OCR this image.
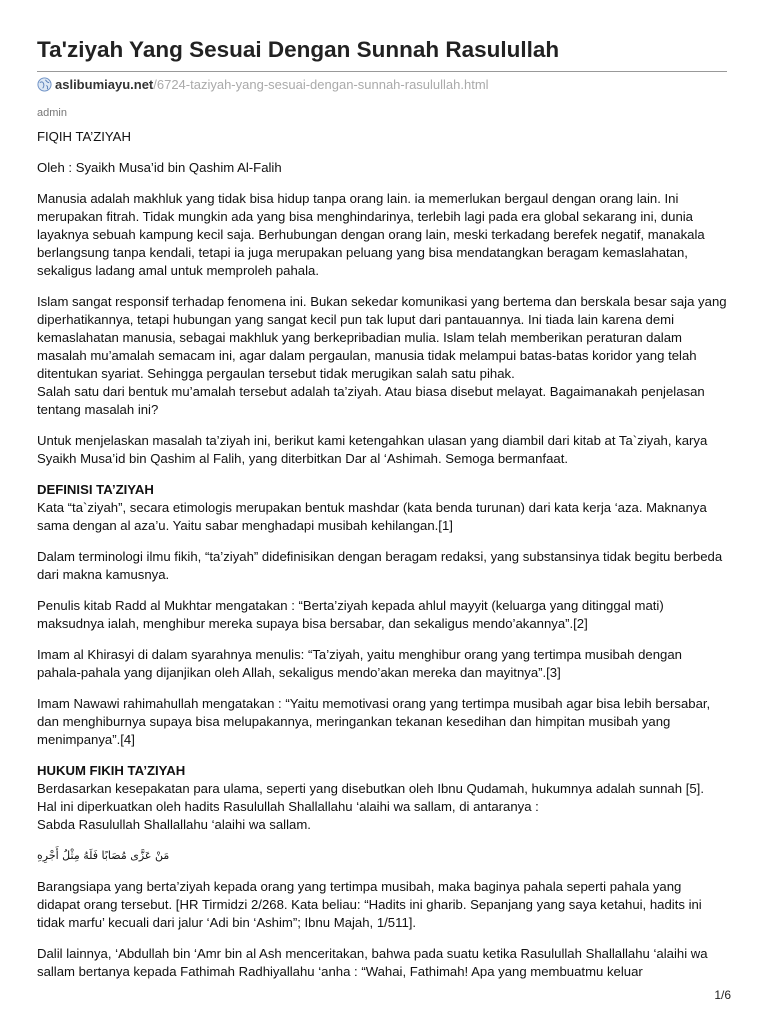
Ta'ziyah Yang Sesuai Dengan Sunnah Rasulullah
aslibumiayu.net/6724-taziyah-yang-sesuai-dengan-sunnah-rasulullah.html
admin

FIQIH TA’ZIYAH

Oleh : Syaikh Musa’id bin Qashim Al-Falih

Manusia adalah makhluk yang tidak bisa hidup tanpa orang lain. ia memerlukan bergaul dengan orang lain. Ini merupakan fitrah. Tidak mungkin ada yang bisa menghindarinya, terlebih lagi pada era global sekarang ini, dunia layaknya sebuah kampung kecil saja. Berhubungan dengan orang lain, meski terkadang berefek negatif, manakala berlangsung tanpa kendali, tetapi ia juga merupakan peluang yang bisa mendatangkan beragam kemaslahatan, sekaligus ladang amal untuk memproleh pahala.

Islam sangat responsif terhadap fenomena ini. Bukan sekedar komunikasi yang bertema dan berskala besar saja yang diperhatikannya, tetapi hubungan yang sangat kecil pun tak luput dari pantauannya. Ini tiada lain karena demi kemaslahatan manusia, sebagai makhluk yang berkepribadian mulia. Islam telah memberikan peraturan dalam masalah mu’amalah semacam ini, agar dalam pergaulan, manusia tidak melampui batas-batas koridor yang telah ditentukan syariat. Sehingga pergaulan tersebut tidak merugikan salah satu pihak.
Salah satu dari bentuk mu’amalah tersebut adalah ta’ziyah. Atau biasa disebut melayat. Bagaimanakah penjelasan tentang masalah ini?

Untuk menjelaskan masalah ta’ziyah ini, berikut kami ketengahkan ulasan yang diambil dari kitab at Ta`ziyah, karya Syaikh Musa’id bin Qashim al Falih, yang diterbitkan Dar al ‘Ashimah. Semoga bermanfaat.

DEFINISI TA’ZIYAH
Kata “ta`ziyah”, secara etimologis merupakan bentuk mashdar (kata benda turunan) dari kata kerja ‘aza. Maknanya sama dengan al aza’u. Yaitu sabar menghadapi musibah kehilangan.[1]

Dalam terminologi ilmu fikih, “ta’ziyah” didefinisikan dengan beragam redaksi, yang substansinya tidak begitu berbeda dari makna kamusnya.

Penulis kitab Radd al Mukhtar mengatakan : “Berta’ziyah kepada ahlul mayyit (keluarga yang ditinggal mati) maksudnya ialah, menghibur mereka supaya bisa bersabar, dan sekaligus mendo’akannya”.[2]

Imam al Khirasyi di dalam syarahnya menulis: “Ta’ziyah, yaitu menghibur orang yang tertimpa musibah dengan pahala-pahala yang dijanjikan oleh Allah, sekaligus mendo’akan mereka dan mayitnya”.[3]

Imam Nawawi rahimahullah mengatakan : “Yaitu memotivasi orang yang tertimpa musibah agar bisa lebih bersabar, dan menghiburnya supaya bisa melupakannya, meringankan tekanan kesedihan dan himpitan musibah yang menimpanya”.[4]

HUKUM FIKIH TA’ZIYAH
Berdasarkan kesepakatan para ulama, seperti yang disebutkan oleh Ibnu Qudamah, hukumnya adalah sunnah [5]. Hal ini diperkuatkan oleh hadits Rasulullah Shallallahu ‘alaihi wa sallam, di antaranya :
Sabda Rasulullah Shallallahu ‘alaihi wa sallam.

مَنْ عَزَّى مُصَابًا فَلَهُ مِثْلُ أَجْرِهِ

Barangsiapa yang berta’ziyah kepada orang yang tertimpa musibah, maka baginya pahala seperti pahala yang didapat orang tersebut. [HR Tirmidzi 2/268. Kata beliau: “Hadits ini gharib. Sepanjang yang saya ketahui, hadits ini tidak marfu’ kecuali dari jalur ‘Adi bin ‘Ashim”; Ibnu Majah, 1/511].

Dalil lainnya, ‘Abdullah bin ‘Amr bin al Ash menceritakan, bahwa pada suatu ketika Rasulullah Shallallahu ‘alaihi wa sallam bertanya kepada Fathimah Radhiyallahu ‘anha : “Wahai, Fathimah! Apa yang membuatmu keluar

1/6
